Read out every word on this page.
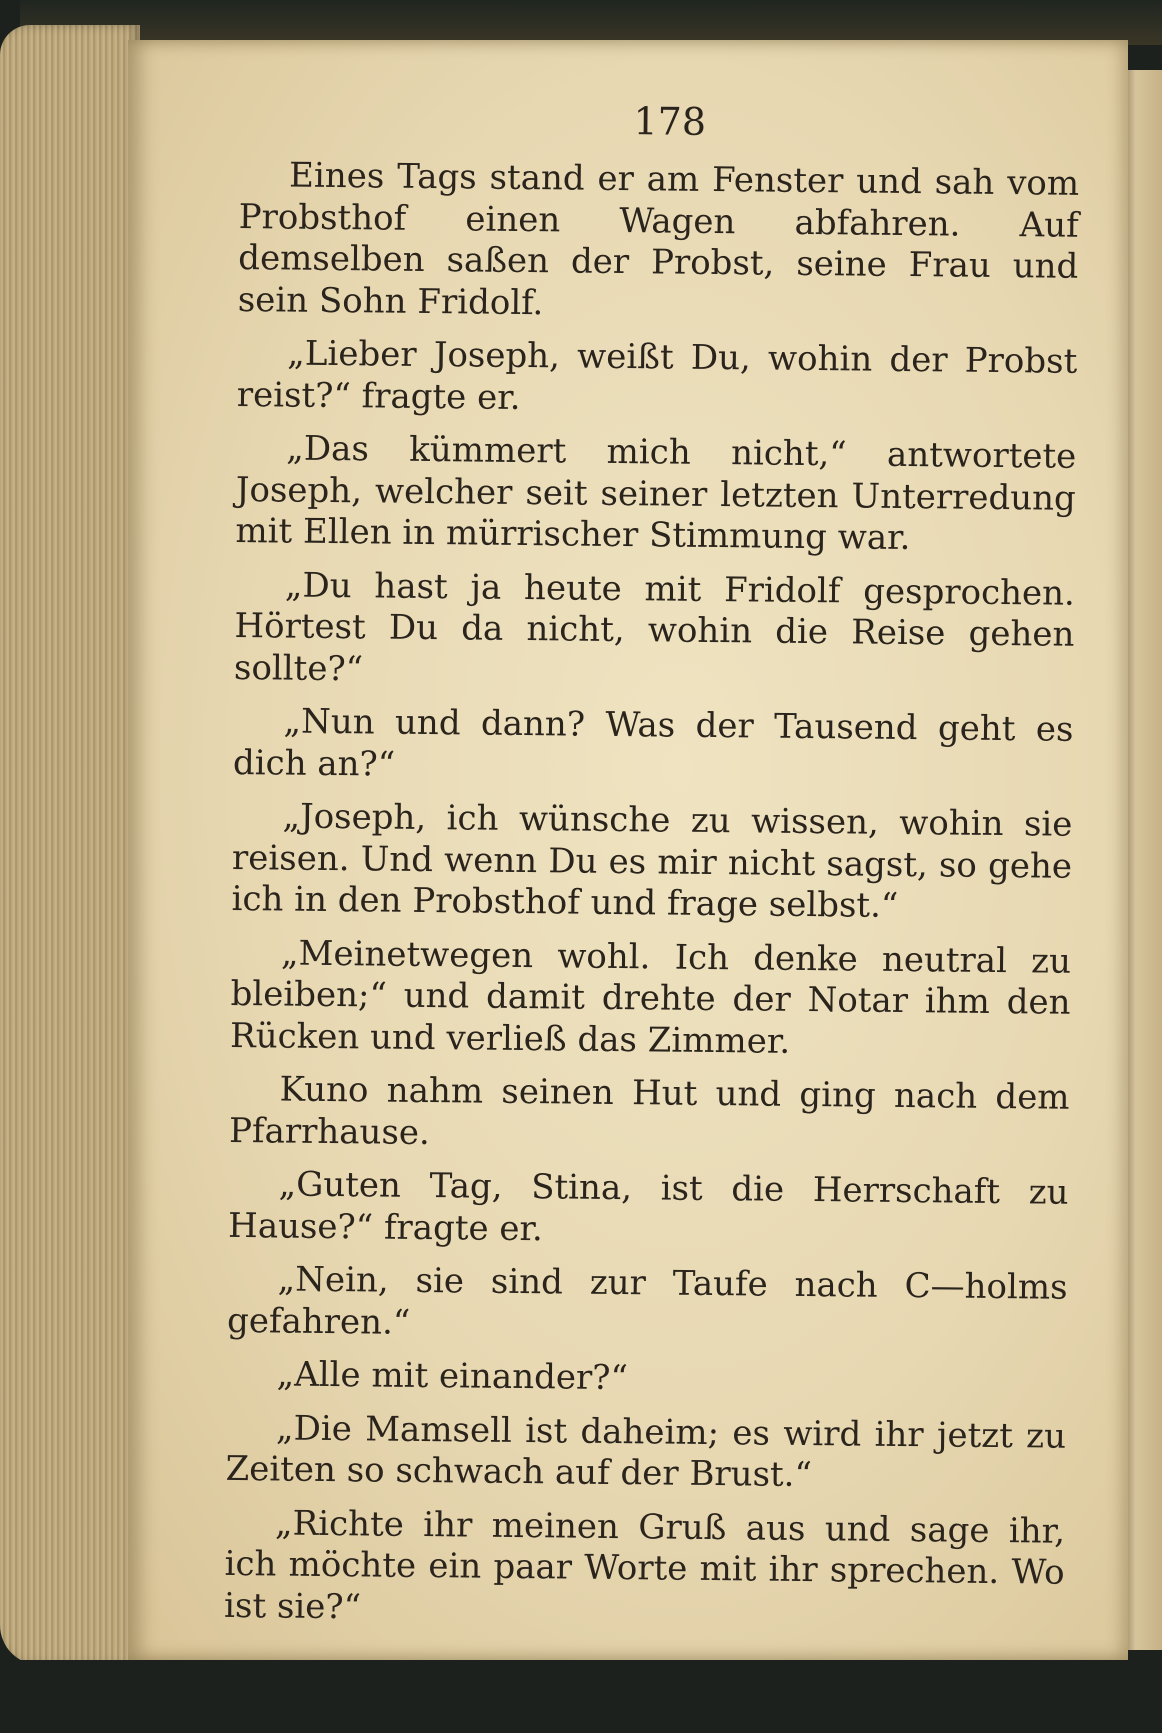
178

Eines Tags stand er am Fenster und sah vom Probsthof einen Wagen abfahren. Auf demselben saßen der Probst, seine Frau und sein Sohn Fridolf.

„Lieber Joseph, weißt Du, wohin der Probst reist?“ fragte er.

„Das kümmert mich nicht,“ antwortete Joseph, welcher seit seiner letzten Unterredung mit Ellen in mürrischer Stimmung war.

„Du hast ja heute mit Fridolf gesprochen. Hörtest Du da nicht, wohin die Reise gehen sollte?“

„Nun und dann? Was der Tausend geht es dich an?“

„Joseph, ich wünsche zu wissen, wohin sie reisen. Und wenn Du es mir nicht sagst, so gehe ich in den Probsthof und frage selbst.“

„Meinetwegen wohl. Ich denke neutral zu bleiben;“ und damit drehte der Notar ihm den Rücken und verließ das Zimmer.

Kuno nahm seinen Hut und ging nach dem Pfarrhause.

„Guten Tag, Stina, ist die Herrschaft zu Hause?“ fragte er.

„Nein, sie sind zur Taufe nach C—holms gefahren.“

„Alle mit einander?“

„Die Mamsell ist daheim; es wird ihr jetzt zu Zeiten so schwach auf der Brust.“

„Richte ihr meinen Gruß aus und sage ihr, ich möchte ein paar Worte mit ihr sprechen. Wo ist sie?“
